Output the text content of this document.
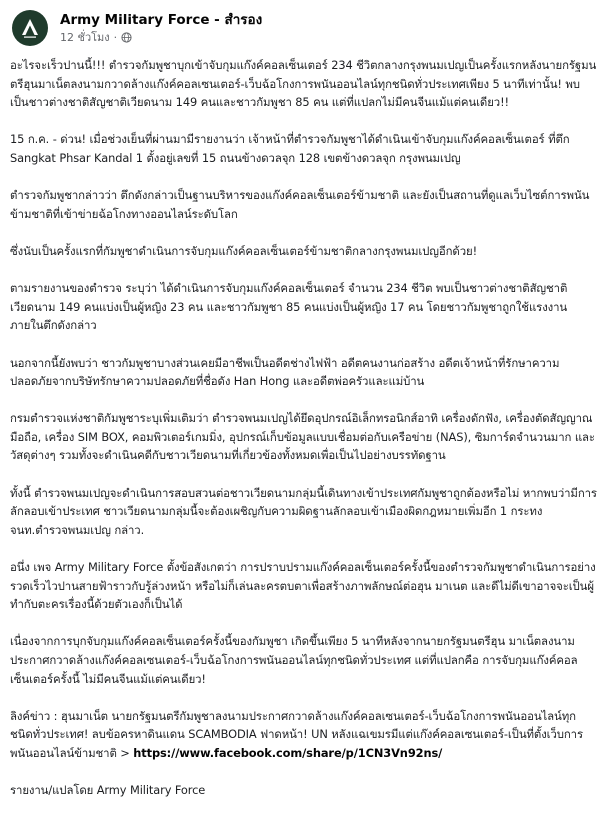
Army Military Force - สำรอง
12 ชั่วโมง ·

อะไรจะเร็วปานนี้!!! ตำรวจกัมพูชาบุกเข้าจับกุมแก๊งค์คอลเซ็นเตอร์ 234 ชีวิตกลางกรุงพนมเปญเป็นครั้งแรกหลังนายกรัฐมนตรีฮุนมาเน็ตลงนามกวาดล้างแก๊งค์คอลเซนเตอร์-เว็บฉ้อโกงการพนันออนไลน์ทุกชนิดทั่วประเทศเพียง 5 นาทีเท่านั้น! พบเป็นชาวต่างชาติสัญชาติเวียดนาม 149 คนและชาวกัมพูชา 85 คน แต่ที่แปลกไม่มีคนจีนแม้แต่คนเดียว!!

15 ก.ค. - ด่วน! เมื่อช่วงเย็นที่ผ่านมามีรายงานว่า เจ้าหน้าที่ตำรวจกัมพูชาได้ดำเนินเข้าจับกุมแก๊งค์คอลเซ็นเตอร์ ที่ตึก Sangkat Phsar Kandal 1 ตั้งอยู่เลขที่ 15 ถนนข้างดวลจุก 128 เขตข้างดวลจุก กรุงพนมเปญ

ตำรวจกัมพูชากล่าวว่า ตึกดังกล่าวเป็นฐานบริหารของแก๊งค์คอลเซ็นเตอร์ข้ามชาติ และยังเป็นสถานที่ดูแลเว็บไซต์การพนันข้ามชาติที่เข้าข่ายฉ้อโกงทางออนไลน์ระดับโลก

ซึ่งนับเป็นครั้งแรกที่กัมพูชาดำเนินการจับกุมแก๊งค์คอลเซ็นเตอร์ข้ามชาติกลางกรุงพนมเปญอีกด้วย!

ตามรายงานของตำรวจ ระบุว่า ได้ดำเนินการจับกุมแก๊งค์คอลเซ็นเตอร์ จำนวน 234 ชีวิต พบเป็นชาวต่างชาติสัญชาติเวียดนาม 149 คนแบ่งเป็นผู้หญิง 23 คน และชาวกัมพูชา 85 คนแบ่งเป็นผู้หญิง 17 คน โดยชาวกัมพูชาถูกใช้แรงงานภายในตึกดังกล่าว

นอกจากนี้ยังพบว่า ชาวกัมพูชาบางส่วนเคยมีอาชีพเป็นอดีตช่างไฟฟ้า อดีตคนงานก่อสร้าง อดีตเจ้าหน้าที่รักษาความปลอดภัยจากบริษัทรักษาความปลอดภัยที่ชื่อดัง Han Hong และอดีตพ่อครัวและแม่บ้าน

กรมตำรวจแห่งชาติกัมพูชาระบุเพิ่มเติมว่า ตำรวจพนมเปญได้ยึดอุปกรณ์อิเล็กทรอนิกส์อาทิ เครื่องดักฟัง, เครื่องตัดสัญญาณมือถือ, เครื่อง SIM BOX, คอมพิวเตอร์เกมมิ่ง, อุปกรณ์เก็บข้อมูลแบบเชื่อมต่อกับเครือข่าย (NAS), ซิมการ์ดจำนวนมาก และวัสดุต่างๆ รวมทั้งจะดำเนินคดีกับชาวเวียดนามที่เกี่ยวข้องทั้งหมดเพื่อเป็นไปอย่างบรรทัดฐาน

ทั้งนี้ ตำรวจพนมเปญจะดำเนินการสอบสวนต่อชาวเวียดนามกลุ่มนี้เดินทางเข้าประเทศกัมพูชาถูกต้องหรือไม่ หากพบว่ามีการลักลอบเข้าประเทศ ชาวเวียดนามกลุ่มนี้จะต้องเผชิญกับความผิดฐานลักลอบเข้าเมืองผิดกฎหมายเพิ่มอีก 1 กระทง จนท.ตำรวจพนมเปญ กล่าว.

อนึ่ง เพจ Army Military Force ตั้งข้อสังเกตว่า การปราบปรามแก๊งค์คอลเซ็นเตอร์ครั้งนี้ของตำรวจกัมพูชาดำเนินการอย่างรวดเร็วไวปานสายฟ้าราวกับรู้ล่วงหน้า หรือไม่ก็เล่นละครตบตาเพื่อสร้างภาพลักษณ์ต่อฮุน มาเนต และดีไม่ดีเขาอาจจะเป็นผู้ทำกับตะครเรื่องนี้ด้วยตัวเองก็เป็นได้

เนื่องจากการบุกจับกุมแก๊งค์คอลเซ็นเตอร์ครั้งนี้ของกัมพูชา เกิดขึ้นเพียง 5 นาทีหลังจากนายกรัฐมนตรีฮุน มาเน็ตลงนามประกาศกวาดล้างแก๊งค์คอลเซนเตอร์-เว็บฉ้อโกงการพนันออนไลน์ทุกชนิดทั่วประเทศ แต่ที่แปลกคือ การจับกุมแก๊งค์คอลเซ็นเตอร์ครั้งนี้ ไม่มีคนจีนแม้แต่คนเดียว!

ลิงค์ข่าว : ฮุนมาเน็ต นายกรัฐมนตรีกัมพูชาลงนามประกาศกวาดล้างแก๊งค์คอลเซนเตอร์-เว็บฉ้อโกงการพนันออนไลน์ทุกชนิดทั่วประเทศ! ลบข้อครหาดินแดน SCAMBODIA ฟาดหน้า! UN หลังแฉเขมรมีแต่แก๊งค์คอลเซนเตอร์-เป็นที่ตั้งเว็บการพนันออนไลน์ข้ามชาติ > https://www.facebook.com/share/p/1CN3Vn92ns/

รายงาน/แปลโดย Army Military Force
